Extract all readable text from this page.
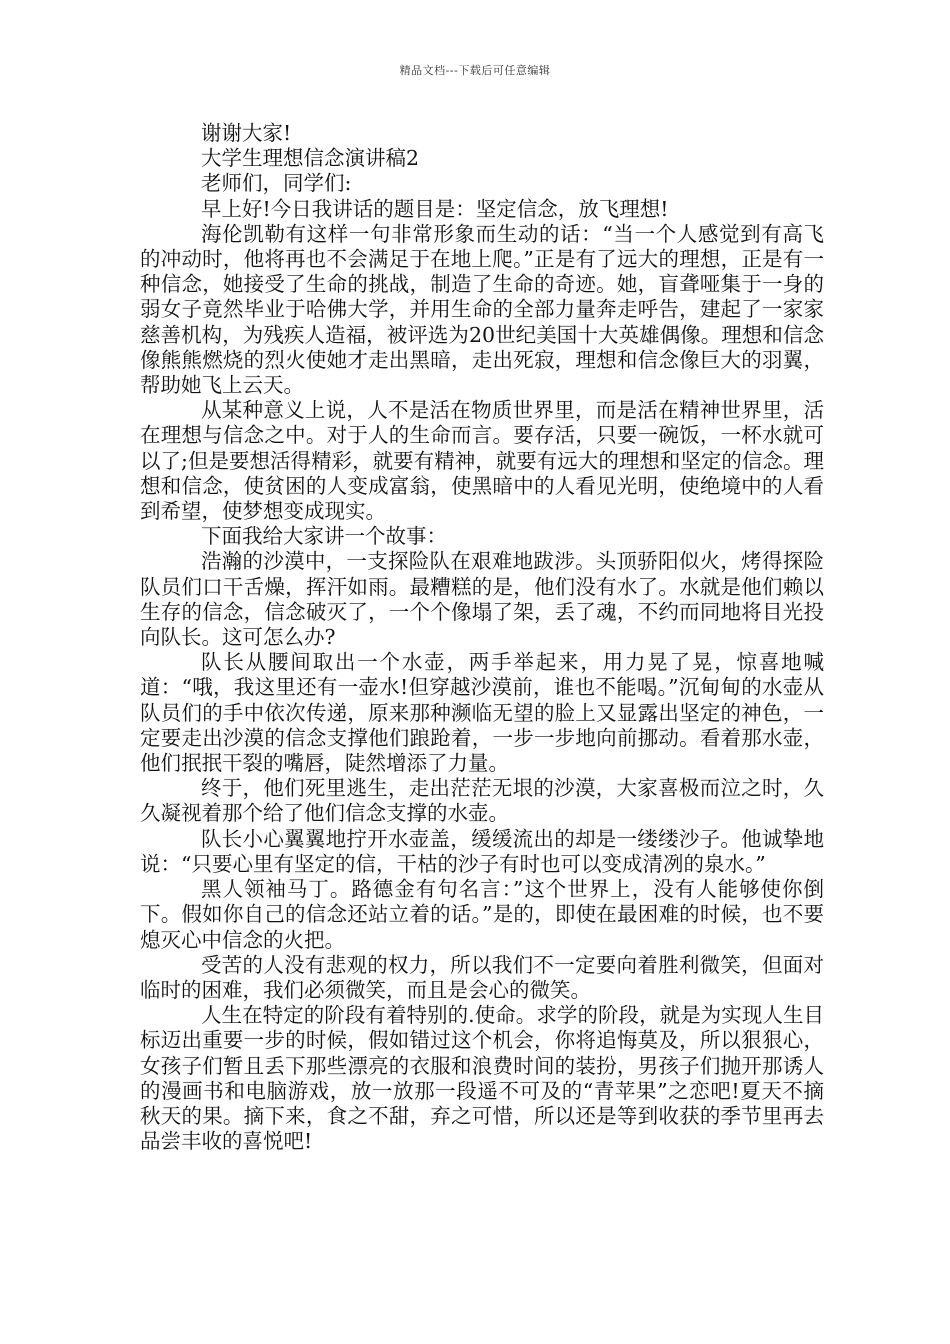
精品文档---下载后可任意编辑

谢谢大家!

大学生理想信念演讲稿2

老师们，同学们:

早上好!今日我讲话的题目是：坚定信念，放飞理想!

海伦凯勒有这样一句非常形象而生动的话：“当一个人感觉到有高飞的冲动时，他将再也不会满足于在地上爬。”正是有了远大的理想，正是有一种信念，她接受了生命的挑战，制造了生命的奇迹。她，盲聋哑集于一身的弱女子竟然毕业于哈佛大学，并用生命的全部力量奔走呼告，建起了一家家慈善机构，为残疾人造福，被评选为20世纪美国十大英雄偶像。理想和信念像熊熊燃烧的烈火使她才走出黑暗，走出死寂，理想和信念像巨大的羽翼，帮助她飞上云天。

从某种意义上说，人不是活在物质世界里，而是活在精神世界里，活在理想与信念之中。对于人的生命而言。要存活，只要一碗饭，一杯水就可以了;但是要想活得精彩，就要有精神，就要有远大的理想和坚定的信念。理想和信念，使贫困的人变成富翁，使黑暗中的人看见光明，使绝境中的人看到希望，使梦想变成现实。

下面我给大家讲一个故事：

浩瀚的沙漠中，一支探险队在艰难地跋涉。头顶骄阳似火，烤得探险队员们口干舌燥，挥汗如雨。最糟糕的是，他们没有水了。水就是他们赖以生存的信念，信念破灭了，一个个像塌了架，丢了魂，不约而同地将目光投向队长。这可怎么办?

队长从腰间取出一个水壶，两手举起来，用力晃了晃，惊喜地喊道：“哦，我这里还有一壶水!但穿越沙漠前，谁也不能喝。”沉甸甸的水壶从队员们的手中依次传递，原来那种濒临无望的脸上又显露出坚定的神色，一定要走出沙漠的信念支撑他们踉跄着，一步一步地向前挪动。看着那水壶，他们抿抿干裂的嘴唇，陡然增添了力量。

终于，他们死里逃生，走出茫茫无垠的沙漠，大家喜极而泣之时，久久凝视着那个给了他们信念支撑的水壶。

队长小心翼翼地拧开水壶盖，缓缓流出的却是一缕缕沙子。他诚挚地说：“只要心里有坚定的信，干枯的沙子有时也可以变成清冽的泉水。”

黑人领袖马丁。路德金有句名言：”这个世界上，没有人能够使你倒下。假如你自己的信念还站立着的话。”是的，即使在最困难的时候，也不要熄灭心中信念的火把。

受苦的人没有悲观的权力，所以我们不一定要向着胜利微笑，但面对临时的困难，我们必须微笑，而且是会心的微笑。

人生在特定的阶段有着特别的.使命。求学的阶段，就是为实现人生目标迈出重要一步的时候，假如错过这个机会，你将追悔莫及，所以狠狠心，女孩子们暂且丢下那些漂亮的衣服和浪费时间的装扮，男孩子们抛开那诱人的漫画书和电脑游戏，放一放那一段遥不可及的“青苹果”之恋吧!夏天不摘秋天的果。摘下来，食之不甜，弃之可惜，所以还是等到收获的季节里再去品尝丰收的喜悦吧!
